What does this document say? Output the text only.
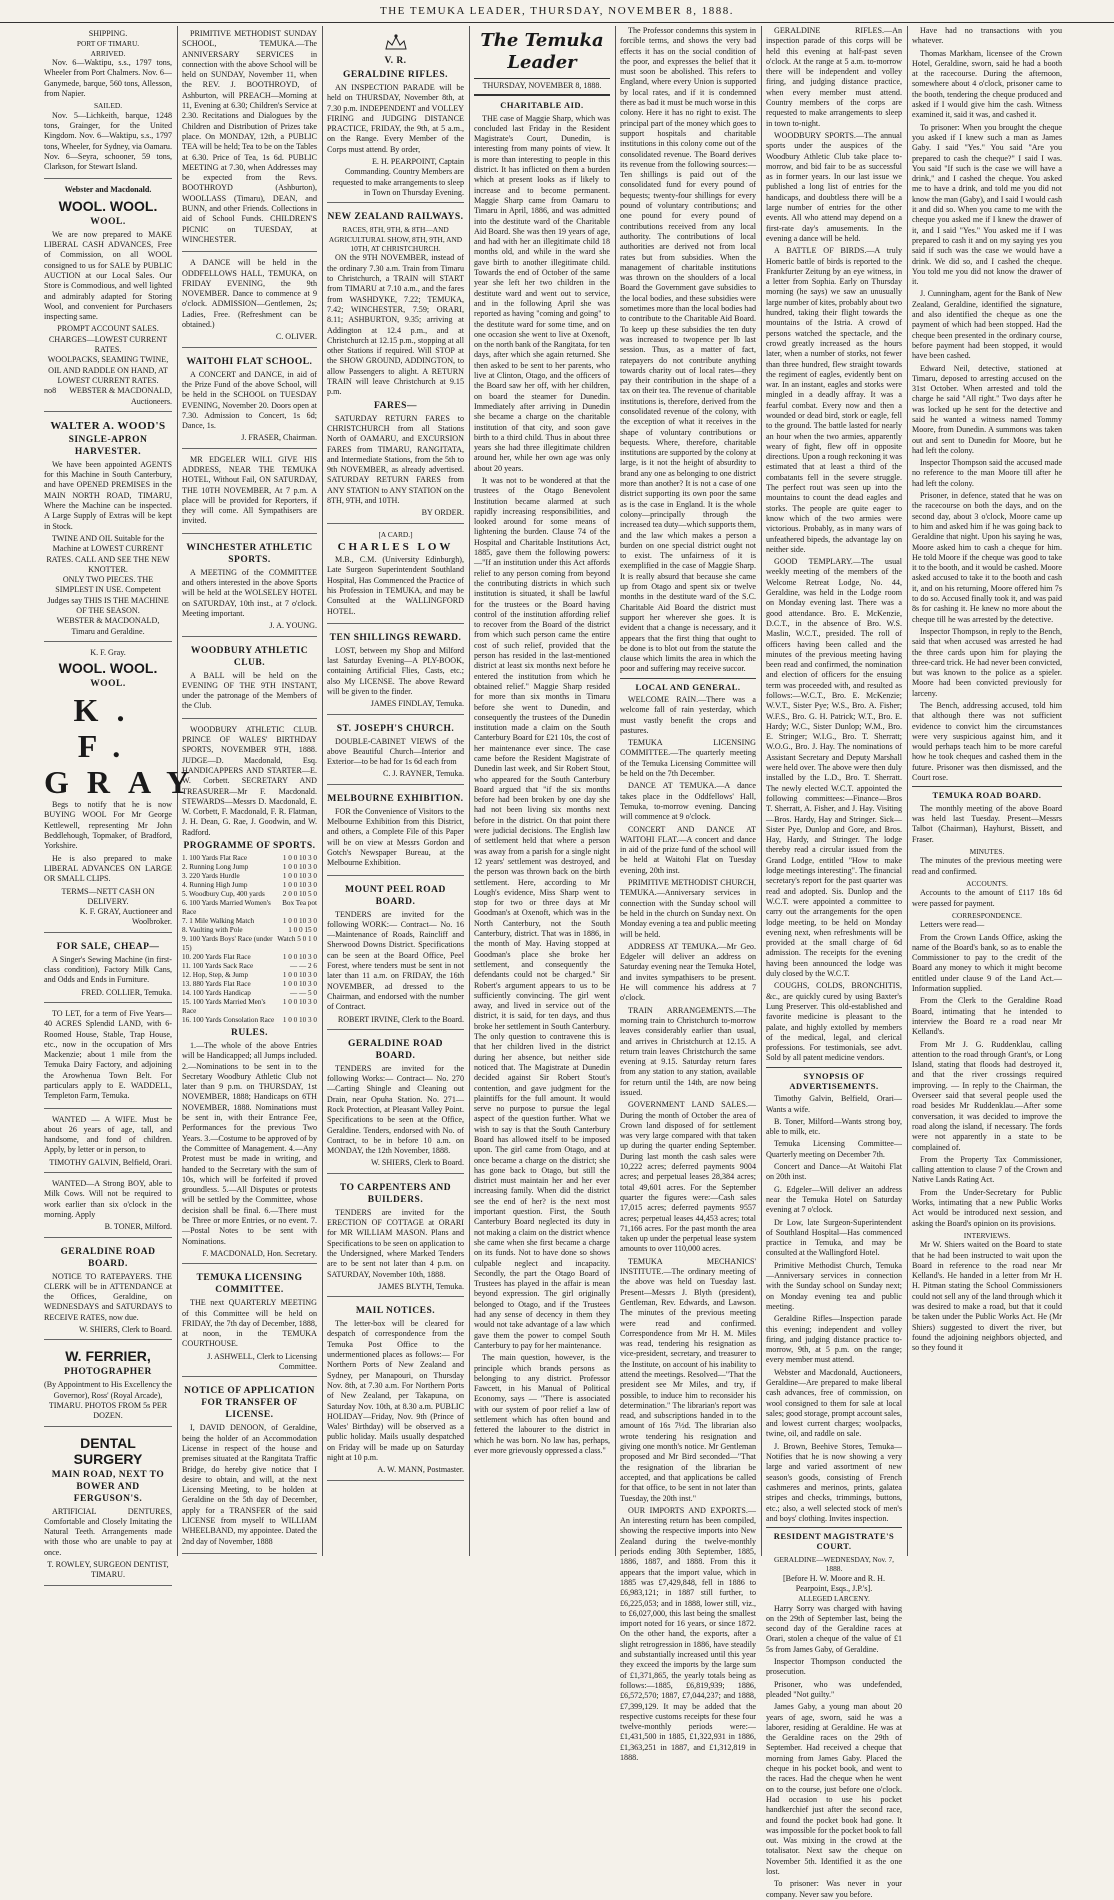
THE TEMUKA LEADER, THURSDAY, NOVEMBER 8, 1888.
SHIPPING.
PORT OF TIMARU.
ARRIVED.

Nov. 6—Waktipu, s.s., 1797 tons, Wheeler from Port Chalmers. Nov. 6—Ganymede, barque, 560 tons, Allesson, from Napier.

SAILED.

Nov. 5—Lichkeith, barque, 1248 tons, Grainger, for the United Kingdom. Nov. 6—Waktipu, s.s., 1797 tons, Wheeler, for Sydney, via Oamaru. Nov. 6—Seyra, schooner, 59 tons, Clarkson, for Stewart Island.

Webster and Macdonald.
WOOL. WOOL.
WOOL.

We are now prepared to MAKE LIBERAL CASH ADVANCES, Free of Commission, on all WOOL consigned to us for SALE by PUBLIC AUCTION at our Local Sales. Our Store is Commodious, and well lighted and admirably adapted for Storing Wool, and convenient for Purchasers inspecting same.

PROMPT ACCOUNT SALES. CHARGES—LOWEST CURRENT RATES.
WOOLPACKS, SEAMING TWINE, OIL AND RADDLE ON HAND, AT LOWEST CURRENT RATES.
no8	WEBSTER & MACDONALD, Auctioneers.
WALTER A. WOOD'S
SINGLE-APRON HARVESTER.

We have been appointed AGENTS for this Machine in South Canterbury, and have OPENED PREMISES in the MAIN NORTH ROAD, TIMARU, Where the Machine can be inspected. A Large Supply of Extras will be kept in Stock.

TWINE AND OIL Suitable for the Machine at LOWEST CURRENT RATES. CALL AND SEE THE NEW KNOTTER.
ONLY TWO PIECES. THE SIMPLEST IN USE. Competent Judges say THIS IS THE MACHINE OF THE SEASON.
WEBSTER & MACDONALD, Timaru and Geraldine.
K. F. Gray.
WOOL. WOOL.
WOOL.
K. F. GRAY

Begs to notify that he is now BUYING WOOL For Mr George Kettlewell, representing Mr John Beddlehough, Topmaker, of Bradford, Yorkshire.

He is also prepared to make LIBERAL ADVANCES ON LARGE OR SMALL CLIPS.

TERMS—NETT CASH ON DELIVERY.
K. F. GRAY, Auctioneer and Woolbroker.
FOR SALE, CHEAP—

A Singer's Sewing Machine (in first-class condition), Factory Milk Cans, and Odds and Ends in Furniture.

FRED. COLLIER, Temuka.

TO LET, for a term of Five Years—40 ACRES Splendid LAND, with 6-Roomed House, Stable, Trap House, etc., now in the occupation of Mrs Mackenzie; about 1 mile from the Temuka Dairy Factory, and adjoining the Arowhenua Town Belt. For particulars apply to E. WADDELL, Templeton Farm, Temuka.

WANTED — A WIFE. Must be about 26 years of age, tall, and handsome, and fond of children. Apply, by letter or in person, to

TIMOTHY GALVIN, Belfield, Orari.

WANTED—A Strong BOY, able to Milk Cows. Will not be required to work earlier than six o'clock in the morning. Apply

B. TONER, Milford.
GERALDINE ROAD BOARD.

NOTICE TO RATEPAYERS. THE CLERK will be in ATTENDANCE at the Offices, Geraldine, on WEDNESDAYS and SATURDAYS to RECEIVE RATES, now due.

W. SHIERS, Clerk to Board.
W. FERRIER,
PHOTOGRAPHER
(By Appointment to His Excellency the Governor), Ross' (Royal Arcade), TIMARU. PHOTOS FROM 5s PER DOZEN.
DENTAL SURGERY
MAIN ROAD, NEXT TO BOWER AND FERGUSON'S.

ARTIFICIAL DENTURES, Comfortable and Closely Imitating the Natural Teeth. Arrangements made with those who are unable to pay at once.

T. ROWLEY, SURGEON DENTIST, TIMARU.

PRIMITIVE METHODIST SUNDAY SCHOOL, TEMUKA.—The ANNIVERSARY SERVICES in connection with the above School will be held on SUNDAY, November 11, when the REV. J. BOOTHROYD, of Ashburton, will PREACH—Morning at 11, Evening at 6.30; Children's Service at 2.30. Recitations and Dialogues by the Children and Distribution of Prizes take place. On MONDAY, 12th, a PUBLIC TEA will be held; Tea to be on the Tables at 6.30. Price of Tea, 1s 6d. PUBLIC MEETING at 7.30, when Addresses may be expected from the Revs. BOOTHROYD (Ashburton), WOOLLASS (Timaru), DEAN, and BUNN, and other Friends. Collections in aid of School Funds. CHILDREN'S PICNIC on TUESDAY, at WINCHESTER.

A DANCE will be held in the ODDFELLOWS HALL, TEMUKA, on FRIDAY EVENING, the 9th NOVEMBER. Dance to commence at 9 o'clock. ADMISSION—Gentlemen, 2s; Ladies, Free. (Refreshment can be obtained.)

C. OLIVER.
WAITOHI FLAT SCHOOL.

A CONCERT and DANCE, in aid of the Prize Fund of the above School, will be held in the SCHOOL on TUESDAY EVENING, November 20. Doors open at 7.30. Admission to Concert, 1s 6d; Dance, 1s.

J. FRASER, Chairman.

MR EDGELER WILL GIVE HIS ADDRESS, NEAR THE TEMUKA HOTEL, Without Fail, ON SATURDAY, THE 10TH NOVEMBER, At 7 p.m. A place will be provided for Reporters, if they will come. All Sympathisers are invited.

WINCHESTER ATHLETIC SPORTS.

A MEETING of the COMMITTEE and others interested in the above Sports will be held at the WOLSELEY HOTEL on SATURDAY, 10th inst., at 7 o'clock. Meeting important.

J. A. YOUNG.
WOODBURY ATHLETIC CLUB.

A BALL will be held on the EVENING OF THE 9TH INSTANT, under the patronage of the Members of the Club.

WOODBURY ATHLETIC CLUB. PRINCE OF WALES' BIRTHDAY SPORTS, NOVEMBER 9TH, 1888. JUDGE—D. Macdonald, Esq. HANDICAPPERS AND STARTER—E. W. Corbett. SECRETARY AND TREASURER—Mr F. Macdonald. STEWARDS—Messrs D. Macdonald, E. W. Corbett, F. Macdonald, F. R. Flatman, J. H. Dean, G. Rae, J. Goodwin, and W. Radford.

PROGRAMME OF SPORTS.
1. 100 Yards Flat Race	1 0 0 10 3 0
2. Running Long Jump	1 0 0 10 3 0
3. 220 Yards Hurdle	1 0 0 10 3 0
4. Running High Jump	1 0 0 10 3 0
5. Woodbury Cup, 400 yards	2 0 0 10 5 0
6. 100 Yards Married Women's Race	Box Tea pot
7. 1 Mile Walking Match	1 0 0 10 3 0
8. Vaulting with Pole	1 0 0 15 0
9. 100 Yards Boys' Race (under 15)	Watch 5 0 1 0
10. 200 Yards Flat Race	1 0 0 10 3 0
11. 100 Yards Sack Race	— — 2 6
12. Hop, Step, & Jump	1 0 0 10 3 0
13. 880 Yards Flat Race	1 0 0 10 3 0
14. 100 Yards Handicap	— — 5 0
15. 100 Yards Married Men's Race	1 0 0 10 3 0
16. 100 Yards Consolation Race	1 0 0 10 3 0
RULES.

1.—The whole of the above Entries will be Handicapped; all Jumps included. 2.—Nominations to be sent in to the Secretary Woodbury Athletic Club not later than 9 p.m. on THURSDAY, 1st NOVEMBER, 1888; Handicaps on 6TH NOVEMBER, 1888. Nominations must be sent in, with their Entrance Fee, Performances for the previous Two Years. 3.—Costume to be approved of by the Committee of Management. 4.—Any Protest must be made in writing, and handed to the Secretary with the sum of 10s, which will be forfeited if proved groundless. 5.—All Disputes or protests will be settled by the Committee, whose decision shall be final. 6.—There must be Three or more Entries, or no event. 7.—Postal Notes to be sent with Nominations.

F. MACDONALD, Hon. Secretary.
TEMUKA LICENSING COMMITTEE.

THE next QUARTERLY MEETING of this Committee will be held on FRIDAY, the 7th day of December, 1888, at noon, in the TEMUKA COURTHOUSE.

J. ASHWELL, Clerk to Licensing Committee.
NOTICE OF APPLICATION FOR TRANSFER OF LICENSE.

I, DAVID DENOON, of Geraldine, being the holder of an Accommodation License in respect of the house and premises situated at the Rangitata Traffic Bridge, do hereby give notice that I desire to obtain, and will, at the next Licensing Meeting, to be holden at Geraldine on the 5th day of December, apply for a TRANSFER of the said LICENSE from myself to WILLIAM WHEELBAND, my appointee. Dated the 2nd day of November, 1888

V. R.
GERALDINE RIFLES.

AN INSPECTION PARADE will be held on THURSDAY, November 8th, at 7.30 p.m. INDEPENDENT and VOLLEY FIRING and JUDGING DISTANCE PRACTICE, FRIDAY, the 9th, at 5 a.m., on the Range. Every Member of the Corps must attend. By order,

E. H. PEARPOINT, Captain Commanding. Country Members are requested to make arrangements to sleep in Town on Thursday Evening.
NEW ZEALAND RAILWAYS.
RACES, 8TH, 9TH, & 8TH—AND AGRICULTURAL SHOW, 8TH, 9TH, AND 10TH, AT CHRISTCHURCH.

ON the 9TH NOVEMBER, instead of the ordinary 7.30 a.m. Train from Timaru to Christchurch, a TRAIN will START from TIMARU at 7.10 a.m., and the fares from WASHDYKE, 7.22; TEMUKA, 7.42; WINCHESTER, 7.59; ORARI, 8.11; ASHBURTON, 9.35; arriving at Addington at 12.4 p.m., and at Christchurch at 12.15 p.m., stopping at all other Stations if required. Will STOP at the SHOW GROUND, ADDINGTON, to allow Passengers to alight. A RETURN TRAIN will leave Christchurch at 9.15 p.m.

FARES—

SATURDAY RETURN FARES to CHRISTCHURCH from all Stations North of OAMARU, and EXCURSION FARES from TIMARU, RANGITATA, and Intermediate Stations, from the 5th to 9th NOVEMBER, as already advertised. SATURDAY RETURN FARES from ANY STATION to ANY STATION on the 8TH, 9TH, and 10TH.

BY ORDER.
[A CARD.]
CHARLES LOW

M.B., C.M. (University Edinburgh), Late Surgeon Superintendent Southland Hospital, Has Commenced the Practice of his Profession in TEMUKA, and may be Consulted at the WALLINGFORD HOTEL.

TEN SHILLINGS REWARD.

LOST, between my Shop and Milford last Saturday Evening—A PLY-BOOK, containing Artificial Flies, Casts, etc.; also My LICENSE. The above Reward will be given to the finder.

JAMES FINDLAY, Temuka.
ST. JOSEPH'S CHURCH.

DOUBLE-CABINET VIEWS of the above Beautiful Church—Interior and Exterior—to be had for 1s 6d each from

C. J. RAYNER, Temuka.
MELBOURNE EXHIBITION.

FOR the Convenience of Visitors to the Melbourne Exhibition from this District, and others, a Complete File of this Paper will be on view at Messrs Gordon and Gotch's Newspaper Bureau, at the Melbourne Exhibition.

MOUNT PEEL ROAD BOARD.

TENDERS are invited for the following WORK:— Contract— No. 16—Maintenance of Roads, Raincliff and Sherwood Downs District. Specifications can be seen at the Board Office, Peel Forest, where tenders must be sent in not later than 11 a.m. on FRIDAY, the 16th NOVEMBER, ad dressed to the Chairman, and endorsed with the number of Contract.

ROBERT IRVINE, Clerk to the Board.
GERALDINE ROAD BOARD.

TENDERS are invited for the following Works:— Contract— No. 270—Carting Shingle and Cleaning out Drain, near Opuha Station. No. 271—Rock Protection, at Pleasant Valley Point. Specifications to be seen at the Office, Geraldine. Tenders, endorsed with No. of Contract, to be in before 10 a.m. on MONDAY, the 12th November, 1888.

W. SHIERS, Clerk to Board.
TO CARPENTERS AND BUILDERS.

TENDERS are invited for the ERECTION OF COTTAGE at ORARI for MR WILLIAM MASON. Plans and Specifications to be seen on application to the Undersigned, where Marked Tenders are to be sent not later than 4 p.m. on SATURDAY, November 10th, 1888.

JAMES BLYTH, Temuka.
MAIL NOTICES.

The letter-box will be cleared for despatch of correspondence from the Temuka Post Office to the undermentioned places as follows:— For Northern Ports of New Zealand and Sydney, per Manapouri, on Thursday Nov. 8th, at 7.30 a.m. For Northern Ports of New Zealand, per Takapuna, on Saturday Nov. 10th, at 8.30 a.m. PUBLIC HOLIDAY—Friday, Nov. 9th (Prince of Wales' Birthday) will be observed as a public holiday. Mails usually despatched on Friday will be made up on Saturday night at 10 p.m.

A. W. MANN, Postmaster.
The Temuka Leader
THURSDAY, NOVEMBER 8, 1888.
CHARITABLE AID.

THE case of Maggie Sharp, which was concluded last Friday in the Resident Magistrate's Court, Dunedin, is interesting from many points of view. It is more than interesting to people in this district. It has inflicted on them a burden which at present looks as if likely to increase and to become permanent. Maggie Sharp came from Oamaru to Timaru in April, 1886, and was admitted into the destitute ward of the Charitable Aid Board. She was then 19 years of age, and had with her an illegitimate child 18 months old, and while in the ward she gave birth to another illegitimate child. Towards the end of October of the same year she left her two children in the destitute ward and went out to service, and in the following April she was reported as having "coming and going" to the destitute ward for some time, and on one occasion she went to live at Oxenoft, on the north bank of the Rangitata, for ten days, after which she again returned. She then asked to be sent to her parents, who live at Clinton, Otago, and the officers of the Board saw her off, with her children, on board the steamer for Dunedin. Immediately after arriving in Dunedin she became a charge on the charitable institution of that city, and soon gave birth to a third child. Thus in about three years she had three illegitimate children around her, while her own age was only about 20 years.

It was not to be wondered at that the trustees of the Otago Benevolent Institution became alarmed at such rapidly increasing responsibilities, and looked around for some means of lightening the burden. Clause 74 of the Hospital and Charitable Institutions Act, 1885, gave them the following powers:—"If an institution under this Act affords relief to any person coming from beyond the contributing districts in which such institution is situated, it shall be lawful for the trustees or the Board having control of the institution affording relief to recover from the Board of the district from which such person came the entire cost of such relief, provided that the person has resided in the last-mentioned district at least six months next before he entered the institution from which he obtained relief." Maggie Sharp resided for more than six months in Timaru before she went to Dunedin, and consequently the trustees of the Dunedin institution made a claim on the South Canterbury Board for £21 10s, the cost of her maintenance ever since. The case came before the Resident Magistrate of Dunedin last week, and Sir Robert Stout, who appeared for the South Canterbury Board argued that "if the six months before had been broken by one day she had not been living six months next before in the district. On that point there were judicial decisions. The English law of settlement held that where a person was away from a parish for a single night 12 years' settlement was destroyed, and the person was thrown back on the birth settlement. Here, according to Mr Lough's evidence, Miss Sharp went to stop for two or three days at Mr Goodman's at Oxenoft, which was in the North Canterbury, not the South Canterbury, district. That was in 1886, in the month of May. Having stopped at Goodman's place she broke her settlement, and consequently the defendants could not be charged." Sir Robert's argument appears to us to be sufficiently convincing. The girl went away, and lived in service out of the district, it is said, for ten days, and thus broke her settlement in South Canterbury. The only question to contravene this is that her children lived in the district during her absence, but neither side noticed that. The Magistrate at Dunedin decided against Sir Robert Stout's contention, and gave judgment for the plaintiffs for the full amount. It would serve no purpose to pursue the legal aspect of the question further. What we wish to say is that the South Canterbury Board has allowed itself to be imposed upon. The girl came from Otago, and at once became a charge on the district; she has gone back to Otago, but still the district must maintain her and her ever increasing family. When did the district see the end of her? is the next most important question. First, the South Canterbury Board neglected its duty in not making a claim on the district whence she came when she first became a charge on its funds. Not to have done so shows culpable neglect and incapacity. Secondly, the part the Otago Board of Trustees has played in the affair is mean beyond expression. The girl originally belonged to Otago, and if the Trustees had any sense of decency in them they would not take advantage of a law which gave them the power to compel South Canterbury to pay for her maintenance.

The main question, however, is the principle which brands persons as belonging to any district. Professor Fawcett, in his Manual of Political Economy, says — "There is associated with our system of poor relief a law of settlement which has often bound and fettered the labourer to the district in which he was born. No law has, perhaps, ever more grievously oppressed a class."

The Professor condemns this system in forcible terms, and shows the very bad effects it has on the social condition of the poor, and expresses the belief that it must soon be abolished. This refers to England, where every Union is supported by local rates, and if it is condemned there as bad it must be much worse in this colony. Here it has no right to exist. The principal part of the money which goes to support hospitals and charitable institutions in this colony come out of the consolidated revenue. The Board derives its revenue from the following sources:—Ten shillings is paid out of the consolidated fund for every pound of bequests; twenty-four shillings for every pound of voluntary contributions; and one pound for every pound of contributions received from any local authority. The contributions of local authorities are derived not from local rates but from subsidies. When the management of charitable institutions was thrown on the shoulders of a local Board the Government gave subsidies to the local bodies, and these subsidies were sometimes more than the local bodies had to contribute to the Charitable Aid Board. To keep up these subsidies the ten duty was increased to twopence per lb last session. Thus, as a matter of fact, ratepayers do not contribute anything towards charity out of local rates—they pay their contribution in the shape of a tax on their tea. The revenue of charitable institutions is, therefore, derived from the consolidated revenue of the colony, with the exception of what it receives in the shape of voluntary contributions or bequests. Where, therefore, charitable institutions are supported by the colony at large, is it not the height of absurdity to brand any one as belonging to one district more than another? It is not a case of one district supporting its own poor the same as is the case in England. It is the whole colony—principally through the increased tea duty—which supports them, and the law which makes a person a burden on one special district ought not to exist. The unfairness of it is exemplified in the case of Maggie Sharp. It is really absurd that because she came up from Otago and spent six or twelve months in the destitute ward of the S.C. Charitable Aid Board the district must support her wherever she goes. It is evident that a change is necessary, and it appears that the first thing that ought to be done is to blot out from the statute the clause which limits the area in which the poor and suffering may receive succor.

LOCAL AND GENERAL.

WELCOME RAIN.—There was a welcome fall of rain yesterday, which must vastly benefit the crops and pastures.

TEMUKA LICENSING COMMITTEE.—The quarterly meeting of the Temuka Licensing Committee will be held on the 7th December.

DANCE AT TEMUKA.—A dance takes place in the Oddfellows' Hall, Temuka, to-morrow evening. Dancing will commence at 9 o'clock.

CONCERT AND DANCE AT WAITOHI FLAT.—A concert and dance in aid of the prize fund of the school will be held at Waitohi Flat on Tuesday evening, 20th inst.

PRIMITIVE METHODIST CHURCH, TEMUKA.—Anniversary services in connection with the Sunday school will be held in the church on Sunday next. On Monday evening a tea and public meeting will be held.

ADDRESS AT TEMUKA.—Mr Geo. Edgeler will deliver an address on Saturday evening near the Temuka Hotel, and invites sympathisers to be present. He will commence his address at 7 o'clock.

TRAIN ARRANGEMENTS.—The morning train to Christchurch to-morrow leaves considerably earlier than usual, and arrives in Christchurch at 12.15. A return train leaves Christchurch the same evening at 9.15. Saturday return fares from any station to any station, available for return until the 14th, are now being issued.

GOVERNMENT LAND SALES.—During the month of October the area of Crown land disposed of for settlement was very large compared with that taken up during the quarter ending September. During last month the cash sales were 10,222 acres; deferred payments 9004 acres; and perpetual leases 28,384 acres; total 49,601 acres. For the September quarter the figures were:—Cash sales 17,015 acres; deferred payments 9557 acres; perpetual leases 44,453 acres; total 71,166 acres. For the past month the area taken up under the perpetual lease system amounts to over 110,000 acres.

TEMUKA MECHANICS' INSTITUTE.—The ordinary meeting of the above was held on Tuesday last. Present—Messrs J. Blyth (president), Gentleman, Rev. Edwards, and Lawson. The minutes of the previous meeting were read and confirmed. Correspondence from Mr H. M. Miles was read, tendering his resignation as vice-president, secretary, and treasurer to the Institute, on account of his inability to attend the meetings. Resolved—"That the president see Mr Miles, and try, if possible, to induce him to reconsider his determination." The librarian's report was read, and subscriptions handed in to the amount of 16s 7½d. The librarian also wrote tendering his resignation and giving one month's notice. Mr Gentleman proposed and Mr Bird seconded—"That the resignation of the librarian be accepted, and that applications be called for that office, to be sent in not later than Tuesday, the 20th inst."

OUR IMPORTS AND EXPORTS.—An interesting return has been compiled, showing the respective imports into New Zealand during the twelve-monthly periods ending 30th September, 1885, 1886, 1887, and 1888. From this it appears that the import value, which in 1885 was £7,429,848, fell in 1886 to £6,983,121; in 1887 still further, to £6,225,053; and in 1888, lower still, viz., to £6,027,000, this last being the smallest import noted for 16 years, or since 1872. On the other hand, the exports, after a slight retrogression in 1886, have steadily and substantially increased until this year they exceed the imports by the large sum of £1,371,865, the yearly totals being as follows:—1885, £6,819,939; 1886, £6,572,570; 1887, £7,044,237; and 1888, £7,399,129. It may be added that the respective customs receipts for these four twelve-monthly periods were:—£1,431,500 in 1885, £1,322,931 in 1886, £1,363,251 in 1887, and £1,312,819 in 1888.

GERALDINE RIFLES.—An inspection parade of this corps will be held this evening at half-past seven o'clock. At the range at 5 a.m. to-morrow there will be independent and volley firing, and judging distance practice, when every member must attend. Country members of the corps are requested to make arrangements to sleep in town to-night.

WOODBURY SPORTS.—The annual sports under the auspices of the Woodbury Athletic Club take place to-morrow, and bid fair to be as successful as in former years. In our last issue we published a long list of entries for the handicaps, and doubtless there will be a large number of entries for the other events. All who attend may depend on a first-rate day's amusements. In the evening a dance will be held.

A BATTLE OF BIRDS.—A truly Homeric battle of birds is reported to the Frankfurter Zeitung by an eye witness, in a letter from Sophia. Early on Thursday morning (he says) we saw an unusually large number of kites, probably about two hundred, taking their flight towards the mountains of the Istria. A crowd of persons watched the spectacle, and the crowd greatly increased as the hours later, when a number of storks, not fewer than three hundred, flew straight towards the regiment of eagles, evidently bent on war. In an instant, eagles and storks were mingled in a deadly affray. It was a fearful combat. Every now and then a wounded or dead bird, stork or eagle, fell to the ground. The battle lasted for nearly an hour when the two armies, apparently weary of fight, flew off in opposite directions. Upon a rough reckoning it was estimated that at least a third of the combatants fell in the severe struggle. The perfect rout was seen up into the mountains to count the dead eagles and storks. The people are quite eager to know which of the two armies were victorious. Probably, as in many wars of unfeathered bipeds, the advantage lay on neither side.

GOOD TEMPLARY.—The usual weekly meeting of the members of the Welcome Retreat Lodge, No. 44, Geraldine, was held in the Lodge room on Monday evening last. There was a good attendance. Bro. E. McKenzie, D.C.T., in the absence of Bro. W.S. Maslin, W.C.T., presided. The roll of officers having been called and the minutes of the previous meeting having been read and confirmed, the nomination and election of officers for the ensuing term was proceeded with, and resulted as follows:—W.C.T., Bro. E. McKenzie; W.V.T., Sister Pye; W.S., Bro. A. Fisher; W.F.S., Bro. G. H. Patrick; W.T., Bro. E. Hardy; W.C., Sister Dunlop; W.M., Bro. E. Stringer; W.I.G., Bro. T. Sherratt; W.O.G., Bro. J. Hay. The nominations of Assistant Secretary and Deputy Marshall were held over. The above were then duly installed by the L.D., Bro. T. Sherratt. The newly elected W.C.T. appointed the following committees:—Finance—Bros T. Sherratt, A. Fisher, and J. Hay. Visiting—Bros. Hardy, Hay and Stringer. Sick—Sister Pye, Dunlop and Gore, and Bros. Hay, Hardy, and Stringer. The lodge thereby read a circular issued from the Grand Lodge, entitled "How to make lodge meetings interesting". The financial secretary's report for the past quarter was read and adopted. Sis. Dunlop and the W.C.T. were appointed a committee to carry out the arrangements for the open lodge meeting, to be held on Monday evening next, when refreshments will be provided at the small charge of 6d admission. The receipts for the evening having been announced the lodge was duly closed by the W.C.T.

COUGHS, COLDS, BRONCHITIS, &c., are quickly cured by using Baxter's Lung Preserver. This old-established and favorite medicine is pleasant to the palate, and highly extolled by members of the medical, legal, and clerical professions. For testimonials, see advt. Sold by all patent medicine vendors.

SYNOPSIS OF ADVERTISEMENTS.

Timothy Galvin, Belfield, Orari—Wants a wife.

B. Toner, Milford—Wants strong boy, able to milk, etc.

Temuka Licensing Committee—Quarterly meeting on December 7th.

Concert and Dance—At Waitohi Flat on 20th inst.

G. Edgeler—Will deliver an address near the Temuka Hotel on Saturday evening at 7 o'clock.

Dr Low, late Surgeon-Superintendent of Southland Hospital—Has commenced practice in Temuka, and may be consulted at the Wallingford Hotel.

Primitive Methodist Church, Temuka—Anniversary services in connection with the Sunday school on Sunday next; on Monday evening tea and public meeting.

Geraldine Rifles—Inspection parade this evening; independent and volley firing, and judging distance practice to-morrow, 9th, at 5 p.m. on the range; every member must attend.

Webster and Macdonald, Auctioneers, Geraldine—Are prepared to make liberal cash advances, free of commission, on wool consigned to them for sale at local sales; good storage, prompt account sales, and lowest current charges; woolpacks, twine, oil, and raddle on sale.

J. Brown, Beehive Stores, Temuka—Notifies that he is now showing a very large and varied assortment of new season's goods, consisting of French cashmeres and merinos, prints, galatea stripes and checks, trimmings, buttons, etc.; also, a well selected stock of men's and boys' clothing. Invites inspection.

RESIDENT MAGISTRATE'S COURT.
GERALDINE—WEDNESDAY, Nov. 7, 1888.
[Before H. W. Moore and R. H. Pearpoint, Esqs., J.P.'s].
ALLEGED LARCENY.

Harry Sorry was charged with having on the 29th of September last, being the second day of the Geraldine races at Orari, stolen a cheque of the value of £1 5s from James Gaby, of Geraldine.

Inspector Thompson conducted the prosecution.

Prisoner, who was undefended, pleaded "Not guilty."

James Gaby, a young man about 20 years of age, sworn, said he was a laborer, residing at Geraldine. He was at the Geraldine races on the 29th of September. Had received a cheque that morning from James Gaby. Placed the cheque in his pocket book, and went to the races. Had the cheque when he went on to the course, just before one o'clock. Had occasion to use his pocket handkerchief just after the second race, and found the pocket book had gone. It was impossible for the pocket book to fall out. Was mixing in the crowd at the totalisator. Next saw the cheque on November 5th. Identified it as the one lost.

To prisoner: Was never in your company. Never saw you before.

Have had no transactions with you whatever.

Thomas Markham, licensee of the Crown Hotel, Geraldine, sworn, said he had a booth at the racecourse. During the afternoon, somewhere about 4 o'clock, prisoner came to the booth, tendering the cheque produced and asked if I would give him the cash. Witness examined it, said it was, and cashed it.

To prisoner: When you brought the cheque you asked if I knew such a man as James Gaby. I said "Yes." You said "Are you prepared to cash the cheque?" I said I was. You said "If such is the case we will have a drink," and I cashed the cheque. You asked me to have a drink, and told me you did not know the man (Gaby), and I said I would cash it and did so. When you came to me with the cheque you asked me if I knew the drawer of it, and I said "Yes." You asked me if I was prepared to cash it and on my saying yes you said if such was the case we would have a drink. We did so, and I cashed the cheque. You told me you did not know the drawer of it.

J. Cunningham, agent for the Bank of New Zealand, Geraldine, identified the signature, and also identified the cheque as one the payment of which had been stopped. Had the cheque been presented in the ordinary course, before payment had been stopped, it would have been cashed.

Edward Neil, detective, stationed at Timaru, deposed to arresting accused on the 31st October. When arrested and told the charge he said "All right." Two days after he was locked up he sent for the detective and said he wanted a witness named Tommy Moore, from Dunedin. A summons was taken out and sent to Dunedin for Moore, but he had left the colony.

Inspector Thompson said the accused made no reference to the man Moore till after he had left the colony.

Prisoner, in defence, stated that he was on the racecourse on both the days, and on the second day, about 3 o'clock, Moore came up to him and asked him if he was going back to Geraldine that night. Upon his saying he was, Moore asked him to cash a cheque for him. He told Moore if the cheque was good to take it to the booth, and it would be cashed. Moore asked accused to take it to the booth and cash it, and on his returning, Moore offered him 7s to do so. Accused finally took it, and was paid 8s for cashing it. He knew no more about the cheque till he was arrested by the detective.

Inspector Thompson, in reply to the Bench, said that when accused was arrested he had the three cards upon him for playing the three-card trick. He had never been convicted, but was known to the police as a spieler. Moore had been convicted previously for larceny.

The Bench, addressing accused, told him that although there was not sufficient evidence to convict him the circumstances were very suspicious against him, and it would perhaps teach him to be more careful how he took cheques and cashed them in the future. Prisoner was then dismissed, and the Court rose.

TEMUKA ROAD BOARD.

The monthly meeting of the above Board was held last Tuesday. Present—Messrs Talbot (Chairman), Hayhurst, Bissett, and Fraser.

MINUTES.

The minutes of the previous meeting were read and confirmed.

ACCOUNTS.

Accounts to the amount of £117 18s 6d were passed for payment.

CORRESPONDENCE.

Letters were read—

From the Crown Lands Office, asking the name of the Board's bank, so as to enable the Commissioner to pay to the credit of the Board any money to which it might become entitled under clause 9 of the Land Act.—Information supplied.

From the Clerk to the Geraldine Road Board, intimating that he intended to interview the Board re a road near Mr Kelland's.

From Mr J. G. Ruddenklau, calling attention to the road through Grant's, or Long Island, stating that floods had destroyed it, and that the river crossings required improving. — In reply to the Chairman, the Overseer said that several people used the road besides Mr Ruddenklau.—After some conversation, it was decided to improve the road along the island, if necessary. The fords were not apparently in a state to be complained of.

From the Property Tax Commissioner, calling attention to clause 7 of the Crown and Native Lands Rating Act.

From the Under-Secretary for Public Works, intimating that a new Public Works Act would be introduced next session, and asking the Board's opinion on its provisions.

INTERVIEWS.

Mr W. Shiers waited on the Board to state that he had been instructed to wait upon the Board in reference to the road near Mr Kelland's. He handed in a letter from Mr H. H. Pitman stating the School Commissioners could not sell any of the land through which it was desired to make a road, but that it could be taken under the Public Works Act. He (Mr Shiers) suggested to divert the river, but found the adjoining neighbors objected, and so they found it
